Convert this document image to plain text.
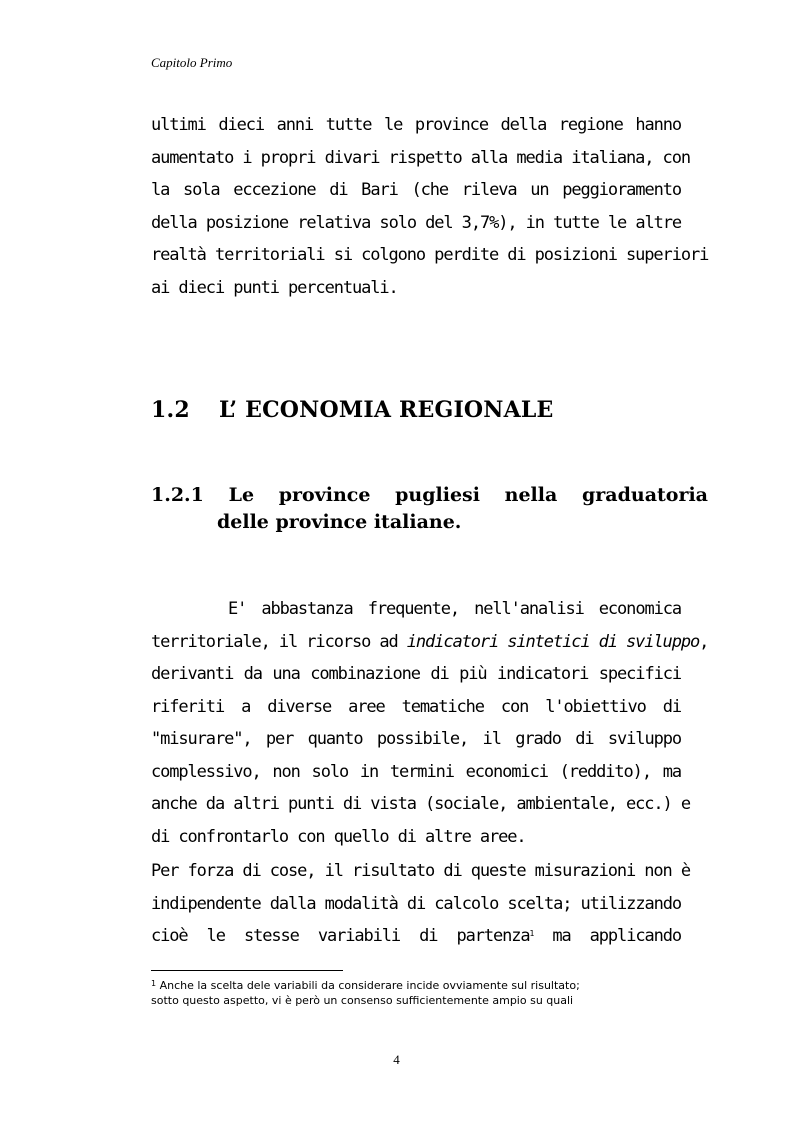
Capitolo Primo
ultimi dieci anni tutte le province della regione hanno
aumentato i propri divari rispetto alla media italiana, con
la sola eccezione di Bari (che rileva un peggioramento
della posizione relativa solo del 3,7%), in tutte le altre
realtà territoriali si colgono perdite di posizioni superiori
ai dieci punti percentuali.
1.2 L’ ECONOMIA REGIONALE
1.2.1 Le province pugliesi nella graduatoria
delle province italiane.
E' abbastanza frequente, nell'analisi economica
territoriale, il ricorso ad indicatori sintetici di sviluppo,
derivanti da una combinazione di più indicatori specifici
riferiti a diverse aree tematiche con l'obiettivo di
"misurare", per quanto possibile, il grado di sviluppo
complessivo, non solo in termini economici (reddito), ma
anche da altri punti di vista (sociale, ambientale, ecc.) e
di confrontarlo con quello di altre aree.
Per forza di cose, il risultato di queste misurazioni non è
indipendente dalla modalità di calcolo scelta; utilizzando
cioè le stesse variabili di partenza$^1$ ma applicando
$^1$ Anche la scelta dele variabili da considerare incide ovviamente sul risultato;
sotto questo aspetto, vi è però un consenso sufficientemente ampio su quali
4
